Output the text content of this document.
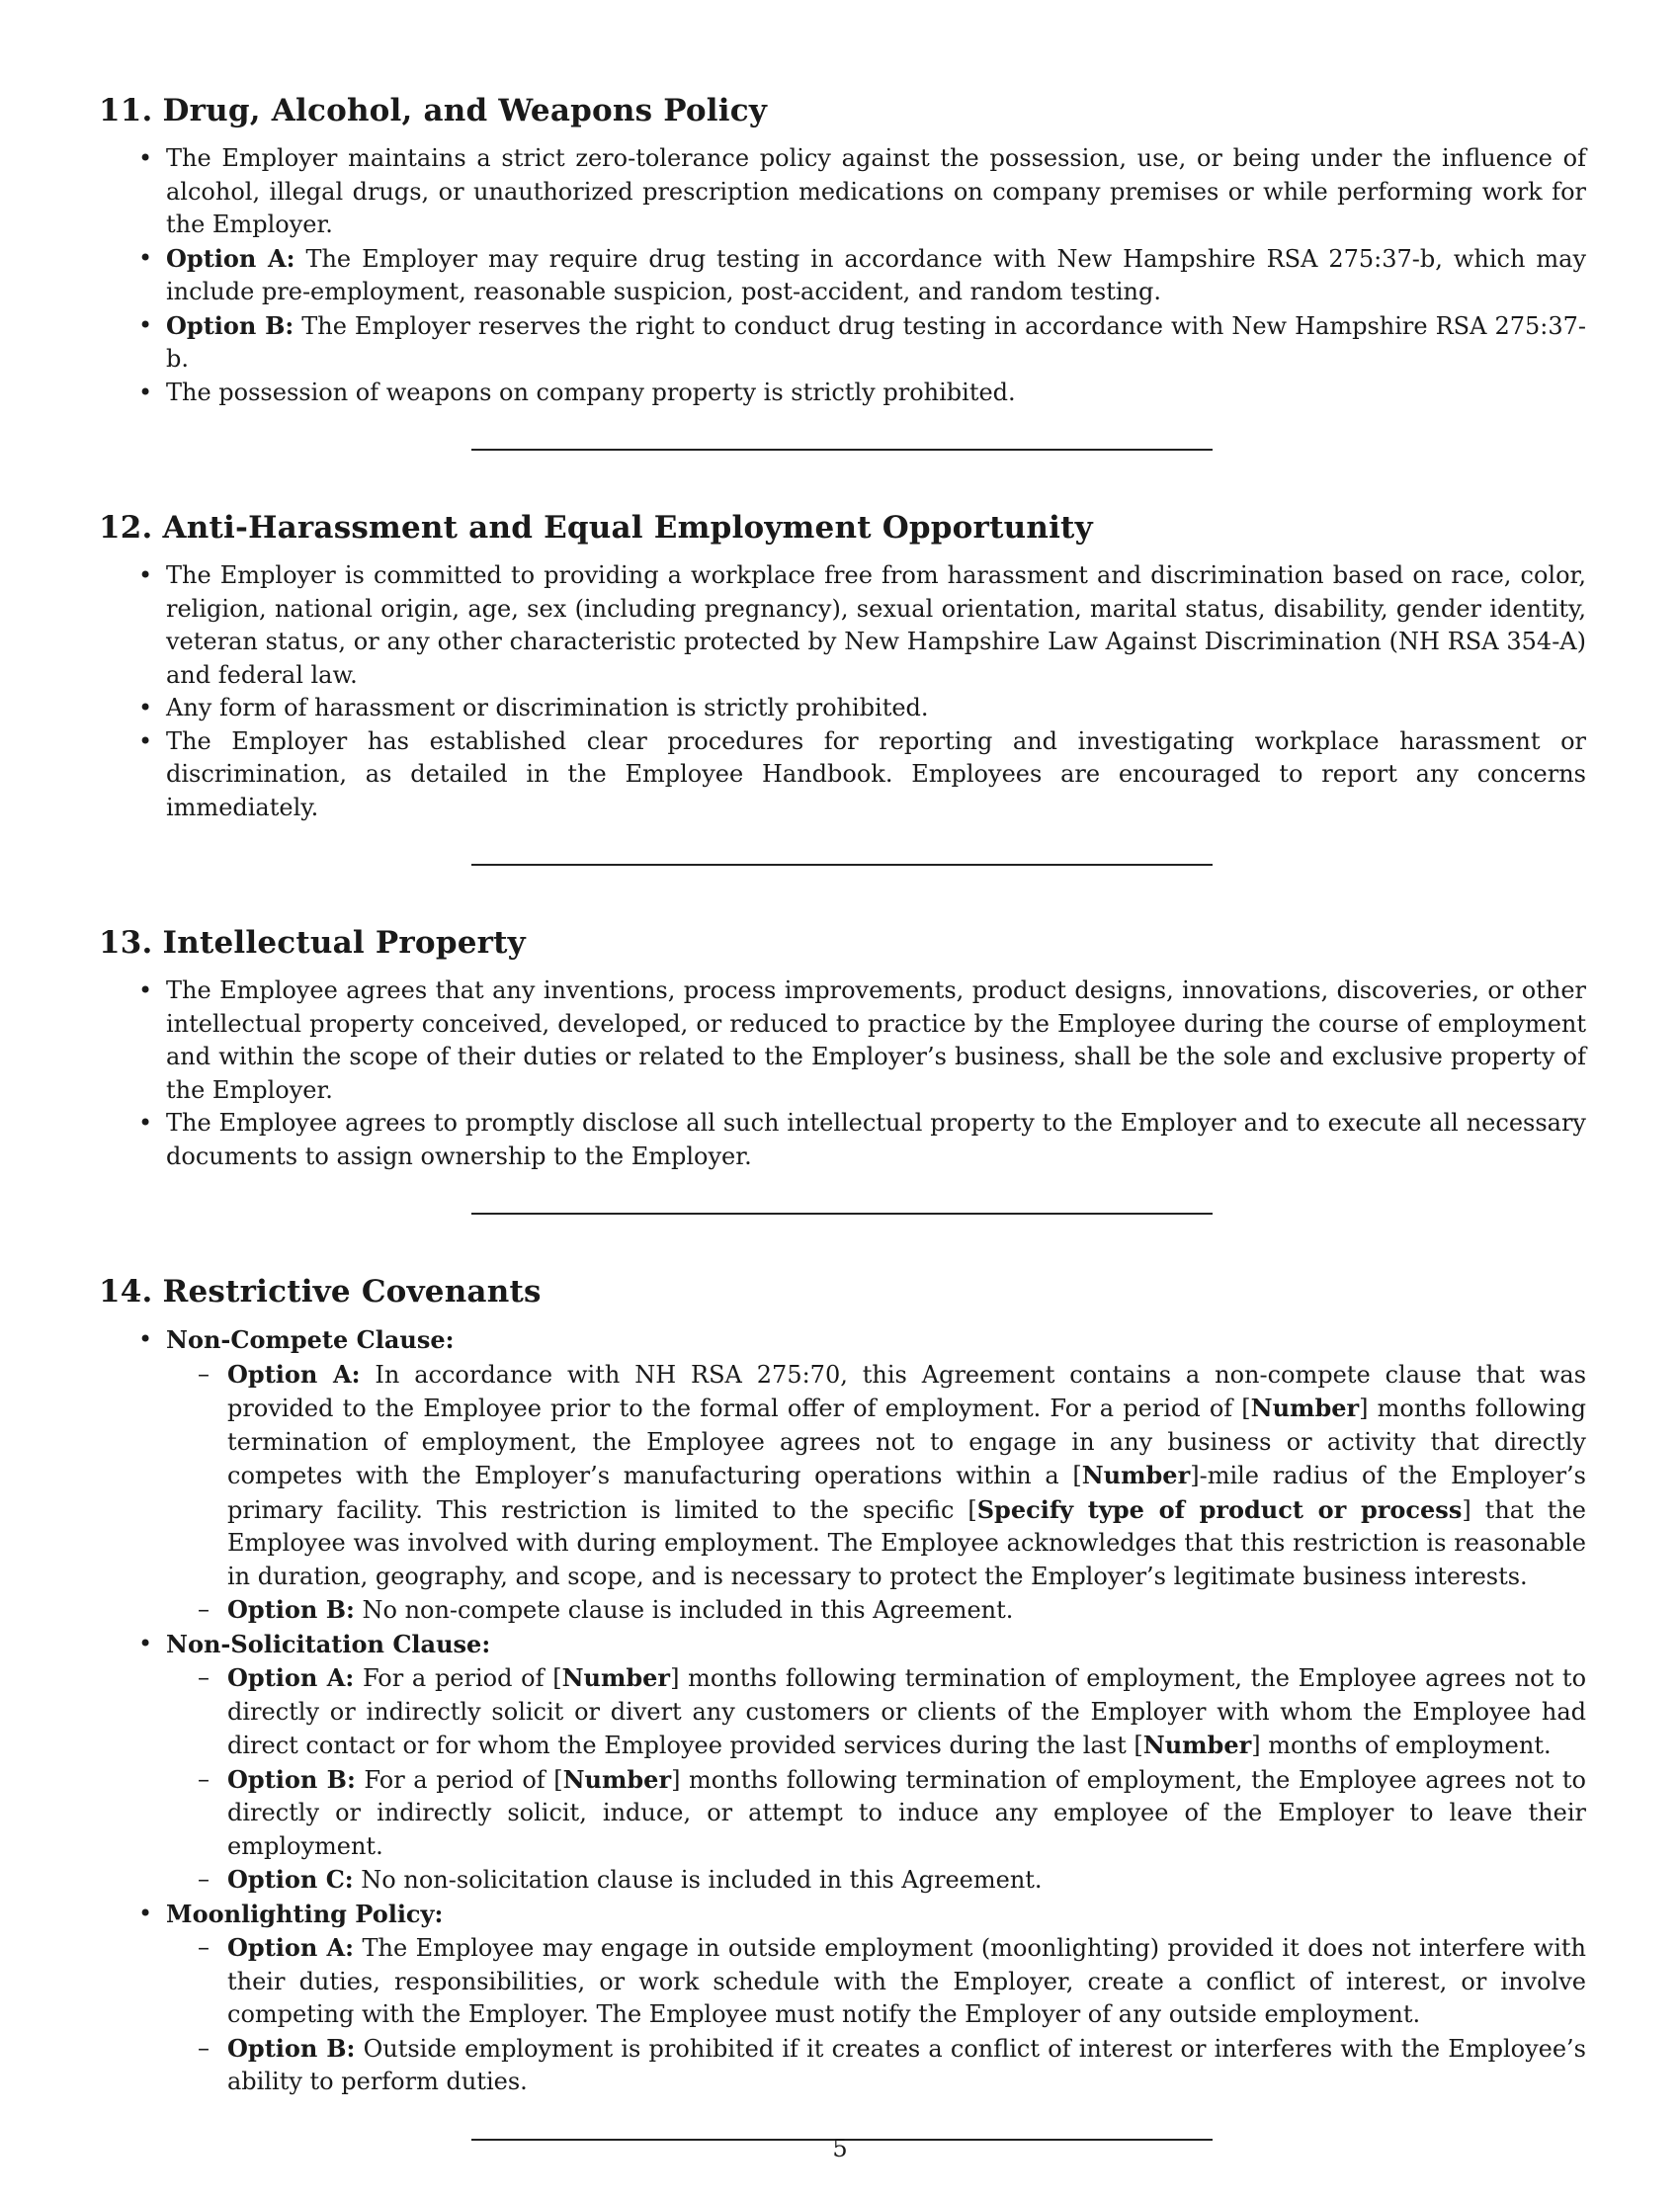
11. Drug, Alcohol, and Weapons Policy
• The Employer maintains a strict zero-tolerance policy against the possession, use, or being under the influence of alcohol, illegal drugs, or unauthorized prescription medications on company premises or while performing work for the Employer.
• Option A: The Employer may require drug testing in accordance with New Hampshire RSA 275:37-b, which may include pre-employment, reasonable suspicion, post-accident, and random testing.
• Option B: The Employer reserves the right to conduct drug testing in accordance with New Hampshire RSA 275:37-b.
• The possession of weapons on company property is strictly prohibited.
12. Anti-Harassment and Equal Employment Opportunity
• The Employer is committed to providing a workplace free from harassment and discrimination based on race, color, religion, national origin, age, sex (including pregnancy), sexual orientation, marital status, disability, gender identity, veteran status, or any other characteristic protected by New Hampshire Law Against Discrimination (NH RSA 354-A) and federal law.
• Any form of harassment or discrimination is strictly prohibited.
• The Employer has established clear procedures for reporting and investigating workplace harassment or discrimination, as detailed in the Employee Handbook. Employees are encouraged to report any concerns immediately.
13. Intellectual Property
• The Employee agrees that any inventions, process improvements, product designs, innovations, discoveries, or other intellectual property conceived, developed, or reduced to practice by the Employee during the course of employment and within the scope of their duties or related to the Employer’s business, shall be the sole and exclusive property of the Employer.
• The Employee agrees to promptly disclose all such intellectual property to the Employer and to execute all necessary documents to assign ownership to the Employer.
14. Restrictive Covenants
• Non-Compete Clause:
– Option A: In accordance with NH RSA 275:70, this Agreement contains a non-compete clause that was provided to the Employee prior to the formal offer of employment. For a period of [Number] months following termination of employment, the Employee agrees not to engage in any business or activity that directly competes with the Employer’s manufacturing operations within a [Number]-mile radius of the Employer’s primary facility. This restriction is limited to the specific [Specify type of product or process] that the Employee was involved with during employment. The Employee acknowledges that this restriction is reasonable in duration, geography, and scope, and is necessary to protect the Employer’s legitimate business interests.
– Option B: No non-compete clause is included in this Agreement.
• Non-Solicitation Clause:
– Option A: For a period of [Number] months following termination of employment, the Employee agrees not to directly or indirectly solicit or divert any customers or clients of the Employer with whom the Employee had direct contact or for whom the Employee provided services during the last [Number] months of employment.
– Option B: For a period of [Number] months following termination of employment, the Employee agrees not to directly or indirectly solicit, induce, or attempt to induce any employee of the Employer to leave their employment.
– Option C: No non-solicitation clause is included in this Agreement.
• Moonlighting Policy:
– Option A: The Employee may engage in outside employment (moonlighting) provided it does not interfere with their duties, responsibilities, or work schedule with the Employer, create a conflict of interest, or involve competing with the Employer. The Employee must notify the Employer of any outside employment.
– Option B: Outside employment is prohibited if it creates a conflict of interest or interferes with the Employee’s ability to perform duties.
5
